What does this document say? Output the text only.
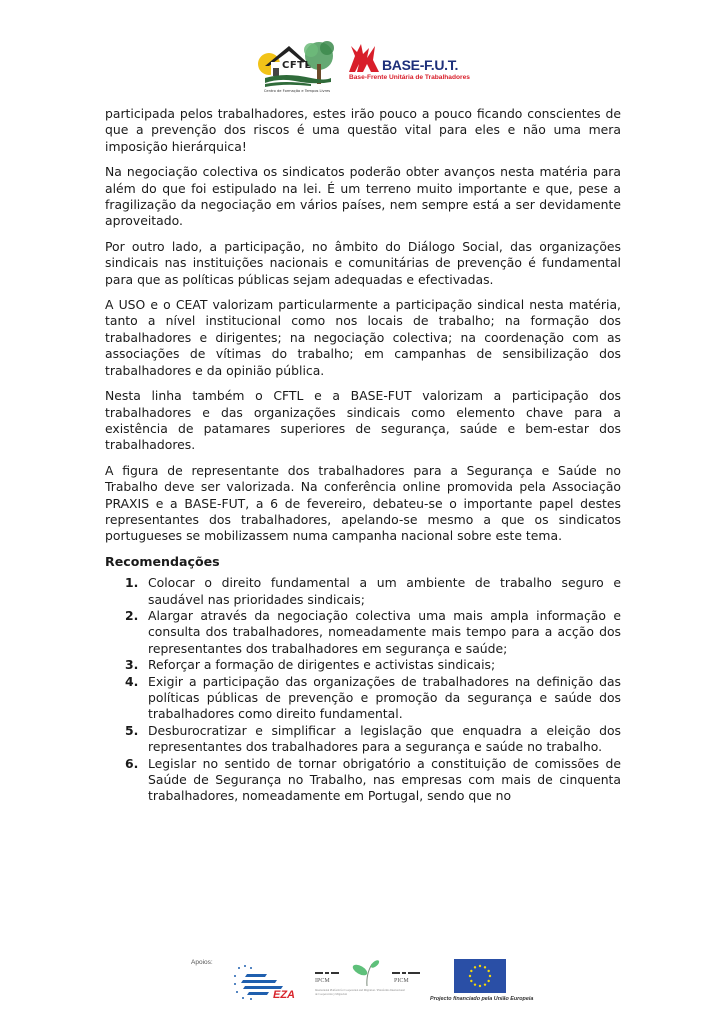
CFTL
Centro de Formação e Tempos Livres
BASE-F.U.T.
Base-Frente Unitária de Trabalhadores

participada pelos trabalhadores, estes irão pouco a pouco ficando conscientes de que a prevenção dos riscos é uma questão vital para eles e não uma mera imposição hierárquica!

Na negociação colectiva os sindicatos poderão obter avanços nesta matéria para além do que foi estipulado na lei. É um terreno muito importante e que, pese a fragilização da negociação em vários países, nem sempre está a ser devidamente aproveitado.

Por outro lado, a participação, no âmbito do Diálogo Social, das organizações sindicais nas instituições nacionais e comunitárias de prevenção é fundamental para que as políticas públicas sejam adequadas e efectivadas.

A USO e o CEAT valorizam particularmente a participação sindical nesta matéria, tanto a nível institucional como nos locais de trabalho; na formação dos trabalhadores e dirigentes; na negociação colectiva; na coordenação com as associações de vítimas do trabalho; em campanhas de sensibilização dos trabalhadores e da opinião pública.

Nesta linha também o CFTL e a BASE-FUT valorizam a participação dos trabalhadores e das organizações sindicais como elemento chave para a existência de patamares superiores de segurança, saúde e bem-estar dos trabalhadores.

A figura de representante dos trabalhadores para a Segurança e Saúde no Trabalho deve ser valorizada. Na conferência online promovida pela Associação PRAXIS e a BASE-FUT, a 6 de fevereiro, debateu-se o importante papel destes representantes dos trabalhadores, apelando-se mesmo a que os sindicatos portugueses se mobilizassem numa campanha nacional sobre este tema.

Recomendações
1. Colocar o direito fundamental a um ambiente de trabalho seguro e saudável nas prioridades sindicais;
2. Alargar através da negociação colectiva uma mais ampla informação e consulta dos trabalhadores, nomeadamente mais tempo para a acção dos representantes dos trabalhadores em segurança e saúde;
3. Reforçar a formação de dirigentes e activistas sindicais;
4. Exigir a participação das organizações de trabalhadores na definição das políticas públicas de prevenção e promoção da segurança e saúde dos trabalhadores como direito fundamental.
5. Desburocratizar e simplificar a legislação que enquadra a eleição dos representantes dos trabalhadores para a segurança e saúde no trabalho.
6. Legislar no sentido de tornar obrigatório a constituição de comissões de Saúde de Segurança no Trabalho, nas empresas com mais de cinquenta trabalhadores, nomeadamente em Portugal, sendo que no
Apoios:
EZA
IPCM	PICM
International Platform for Cooperation and Migration / Plataforma Internacional de Cooperación y Migración
Projecto financiado pela União Europeia
